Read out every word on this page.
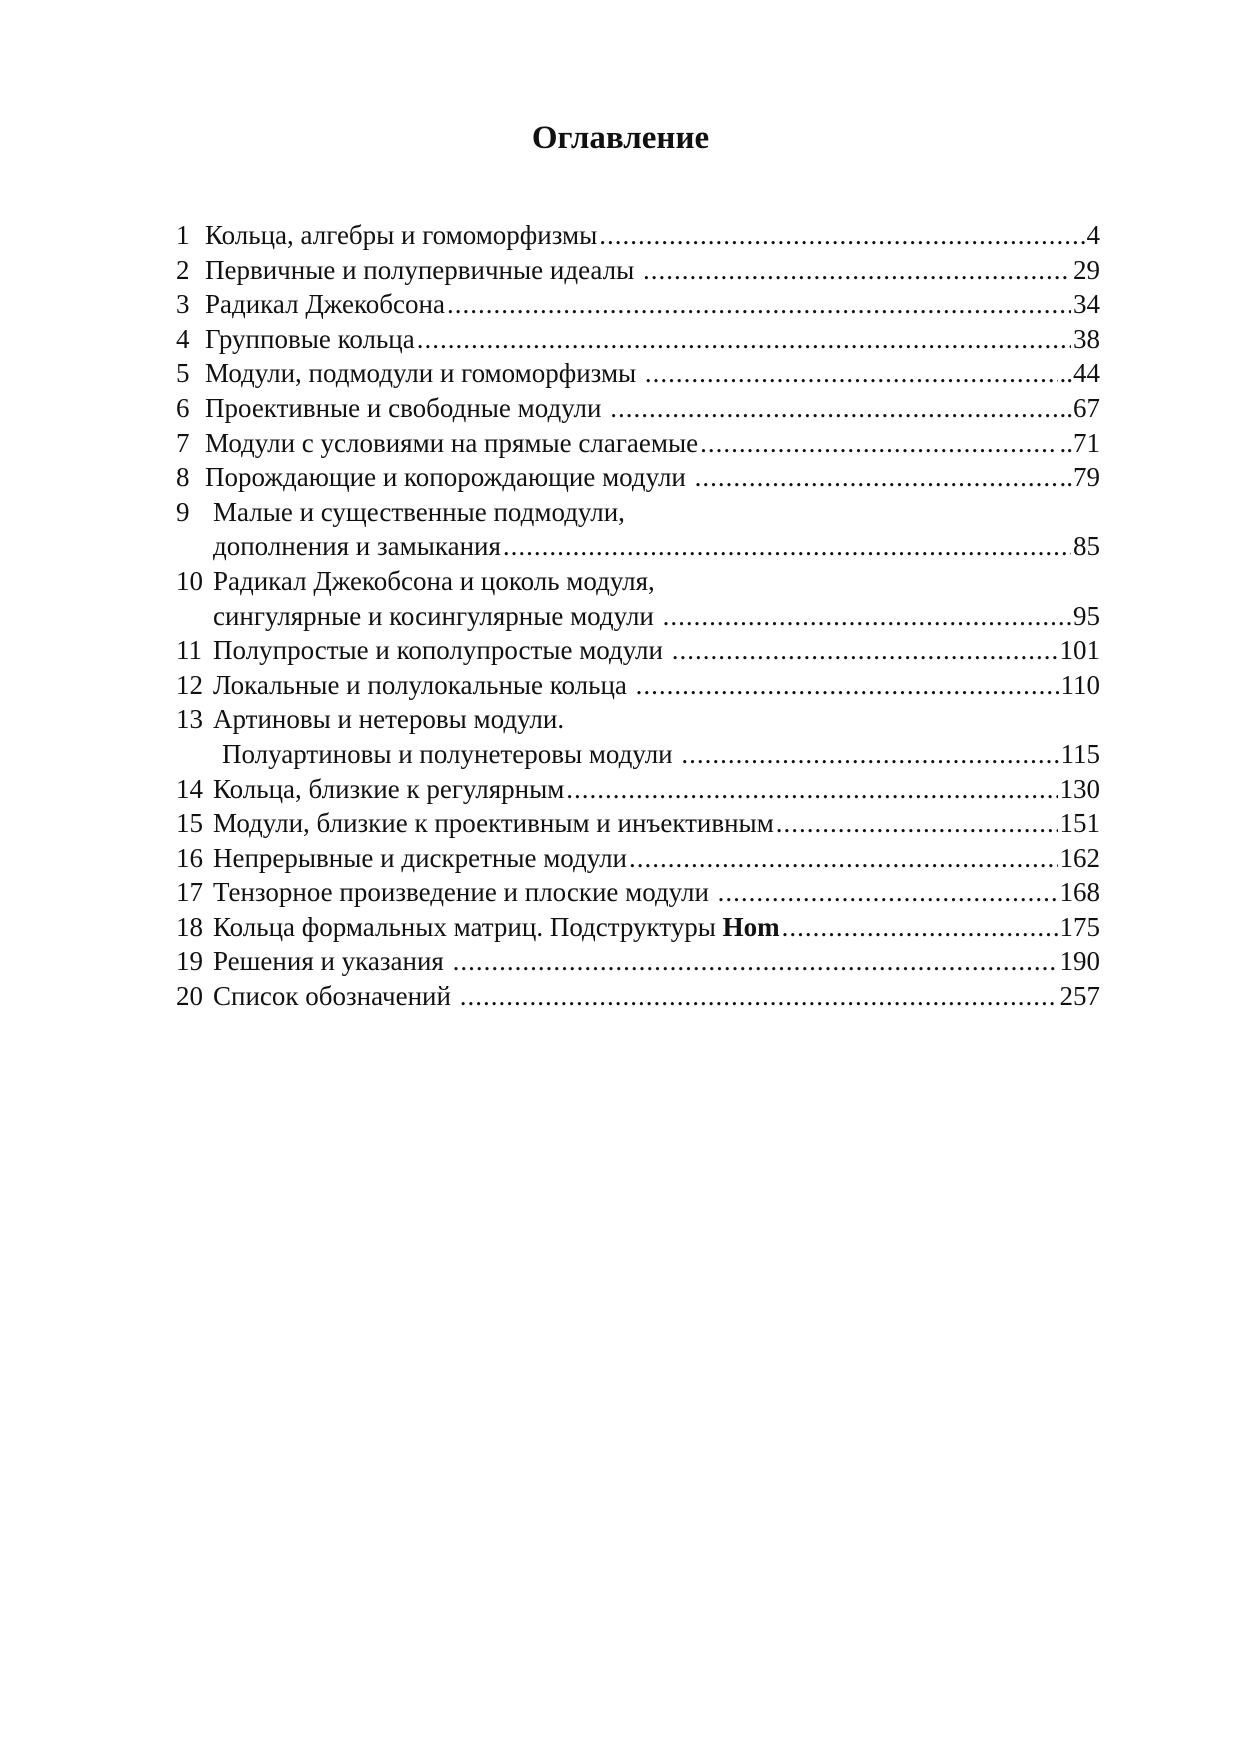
Оглавление
1 Кольца, алгебры и гомоморфизмы .....	4
2 Первичные и полупервичные идеалы .....	29
3 Радикал Джекобсона .....	34
4 Групповые кольца .....	38
5 Модули, подмодули и гомоморфизмы .....	..44
6 Проективные и свободные модули .....	..67
7 Модули с условиями на прямые слагаемые .....	..71
8 Порождающие и копорождающие модули .....	..79
9 Малые и существенные подмодули,
дополнения и замыкания .....	85
10 Радикал Джекобсона и цоколь модуля,
сингулярные и косингулярные модули .....	95
11 Полупростые и кополупростые модули .....	101
12 Локальные и полулокальные кольца .....	110
13 Артиновы и нетеровы модули.
Полуартиновы и полунетеровы модули .....	115
14 Кольца, близкие к регулярным .....	130
15 Модули, близкие к проективным и инъективным .....	151
16 Непрерывные и дискретные модули .....	162
17 Тензорное произведение и плоские модули .....	168
18 Кольца формальных матриц. Подструктуры Hom .....	175
19 Решения и указания .....	190
20 Список обозначений .....	257
